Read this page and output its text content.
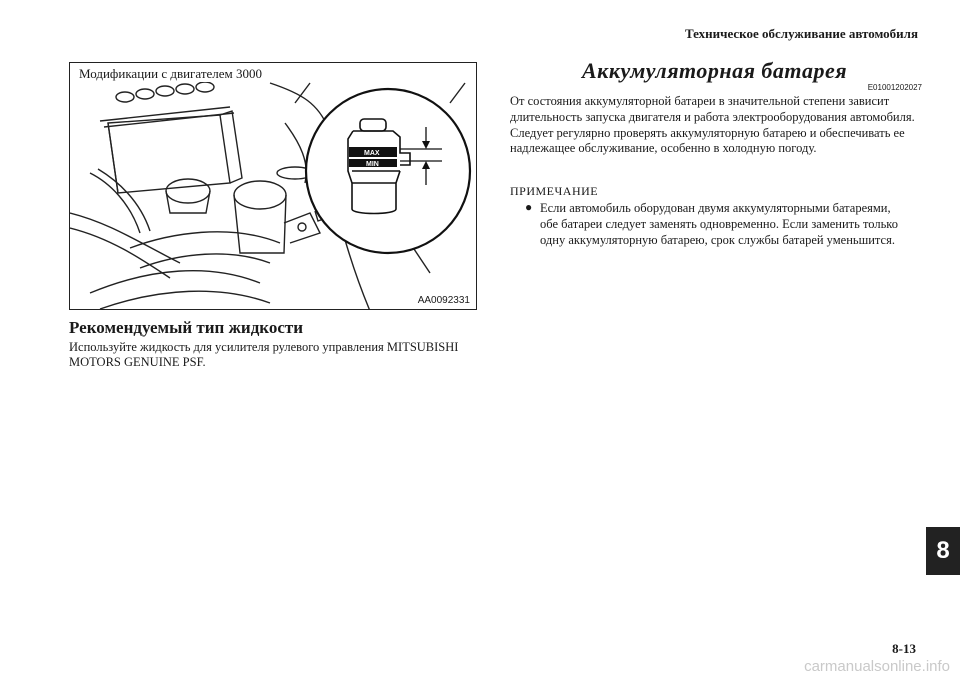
Техническое обслуживание автомобиля
MAX
MIN
Модификации с двигателем 3000
AA0092331
Рекомендуемый тип жидкости

Используйте жидкость для усилителя рулевого управления MITSUBISHI MOTORS GENUINE PSF.

Аккумуляторная батарея
E01001202027

От состояния аккумуляторной батареи в значительной степени зависит длительность запуска двигателя и работа электрооборудования автомобиля. Следует регулярно проверять аккумуляторную батарею и обеспечивать ее надлежащее обслуживание, особенно в холодную погоду.

ПРИМЕЧАНИЕ

● Если автомобиль оборудован двумя аккумуляторными батареями, обе батареи следует заменять одновременно. Если заменить только одну аккумуляторную батарею, срок службы батарей уменьшится.

8
8-13
carmanualsonline.info
